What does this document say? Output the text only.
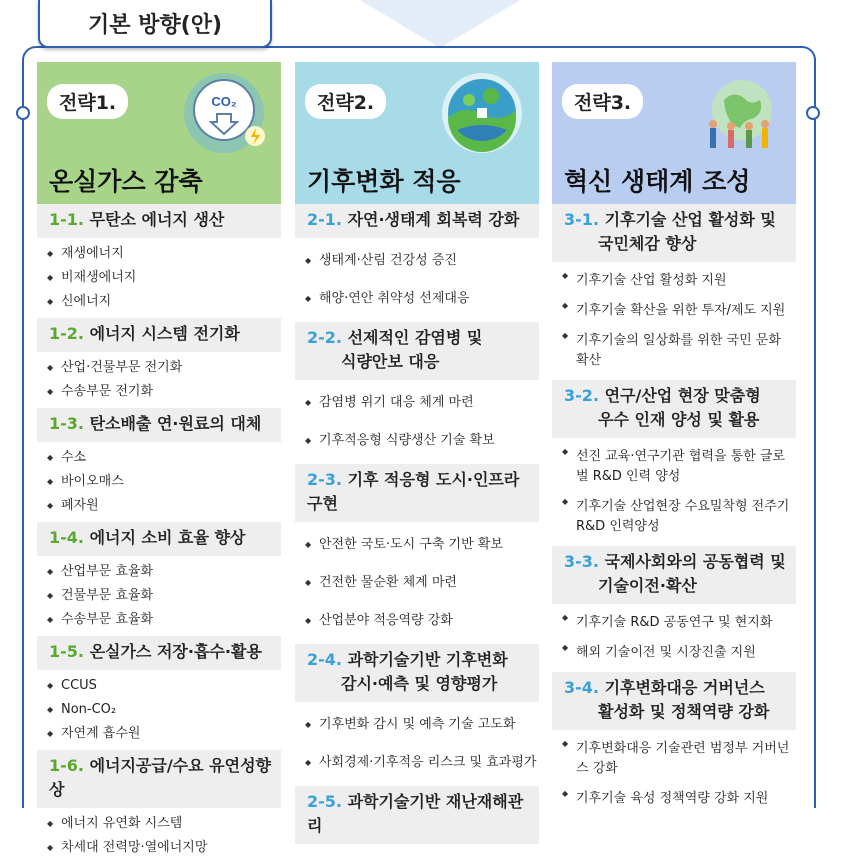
기본 방향(안)
전략1.	CO₂
온실가스 감축
1-1. 무탄소 에너지 생산
◆ 재생에너지
◆ 비재생에너지
◆ 신에너지
1-2. 에너지 시스템 전기화
◆ 산업·건물부문 전기화
◆ 수송부문 전기화
1-3. 탄소배출 연·원료의 대체
◆ 수소
◆ 바이오매스
◆ 폐자원
1-4. 에너지 소비 효율 향상
◆ 산업부문 효율화
◆ 건물부문 효율화
◆ 수송부문 효율화
1-5. 온실가스 저장·흡수·활용
◆ CCUS
◆ Non-CO₂
◆ 자연계 흡수원
1-6. 에너지공급/수요 유연성향상
◆ 에너지 유연화 시스템
◆ 차세대 전력망·열에너지망
전략2.
기후변화 적응
2-1. 자연·생태계 회복력 강화
◆ 생태계·산림 건강성 증진
◆ 해양·연안 취약성 선제대응
2-2. 선제적인 감염병 및
식량안보 대응
◆ 감염병 위기 대응 체계 마련
◆ 기후적응형 식량생산 기술 확보
2-3. 기후 적응형 도시·인프라 구현
◆ 안전한 국토·도시 구축 기반 확보
◆ 건전한 물순환 체계 마련
◆ 산업분야 적응역량 강화
2-4. 과학기술기반 기후변화
감시·예측 및 영향평가
◆ 기후변화 감시 및 예측 기술 고도화
◆ 사회경제·기후적응 리스크 및 효과평가
2-5. 과학기술기반 재난재해관리
전략3.
혁신 생태계 조성
3-1. 기후기술 산업 활성화 및
국민체감 향상
◆ 기후기술 산업 활성화 지원
◆ 기후기술 확산을 위한 투자/제도 지원
◆ 기후기술의 일상화를 위한 국민 문화 확산
3-2. 연구/산업 현장 맞춤형
우수 인재 양성 및 활용
◆ 선진 교육·연구기관 협력을 통한 글로벌 R&D 인력 양성
◆ 기후기술 산업현장 수요밀착형 전주기 R&D 인력양성
3-3. 국제사회와의 공동협력 및
기술이전·확산
◆ 기후기술 R&D 공동연구 및 현지화
◆ 해외 기술이전 및 시장진출 지원
3-4. 기후변화대응 거버넌스
활성화 및 정책역량 강화
◆ 기후변화대응 기술관련 범정부 거버넌스 강화
◆ 기후기술 육성 정책역량 강화 지원
